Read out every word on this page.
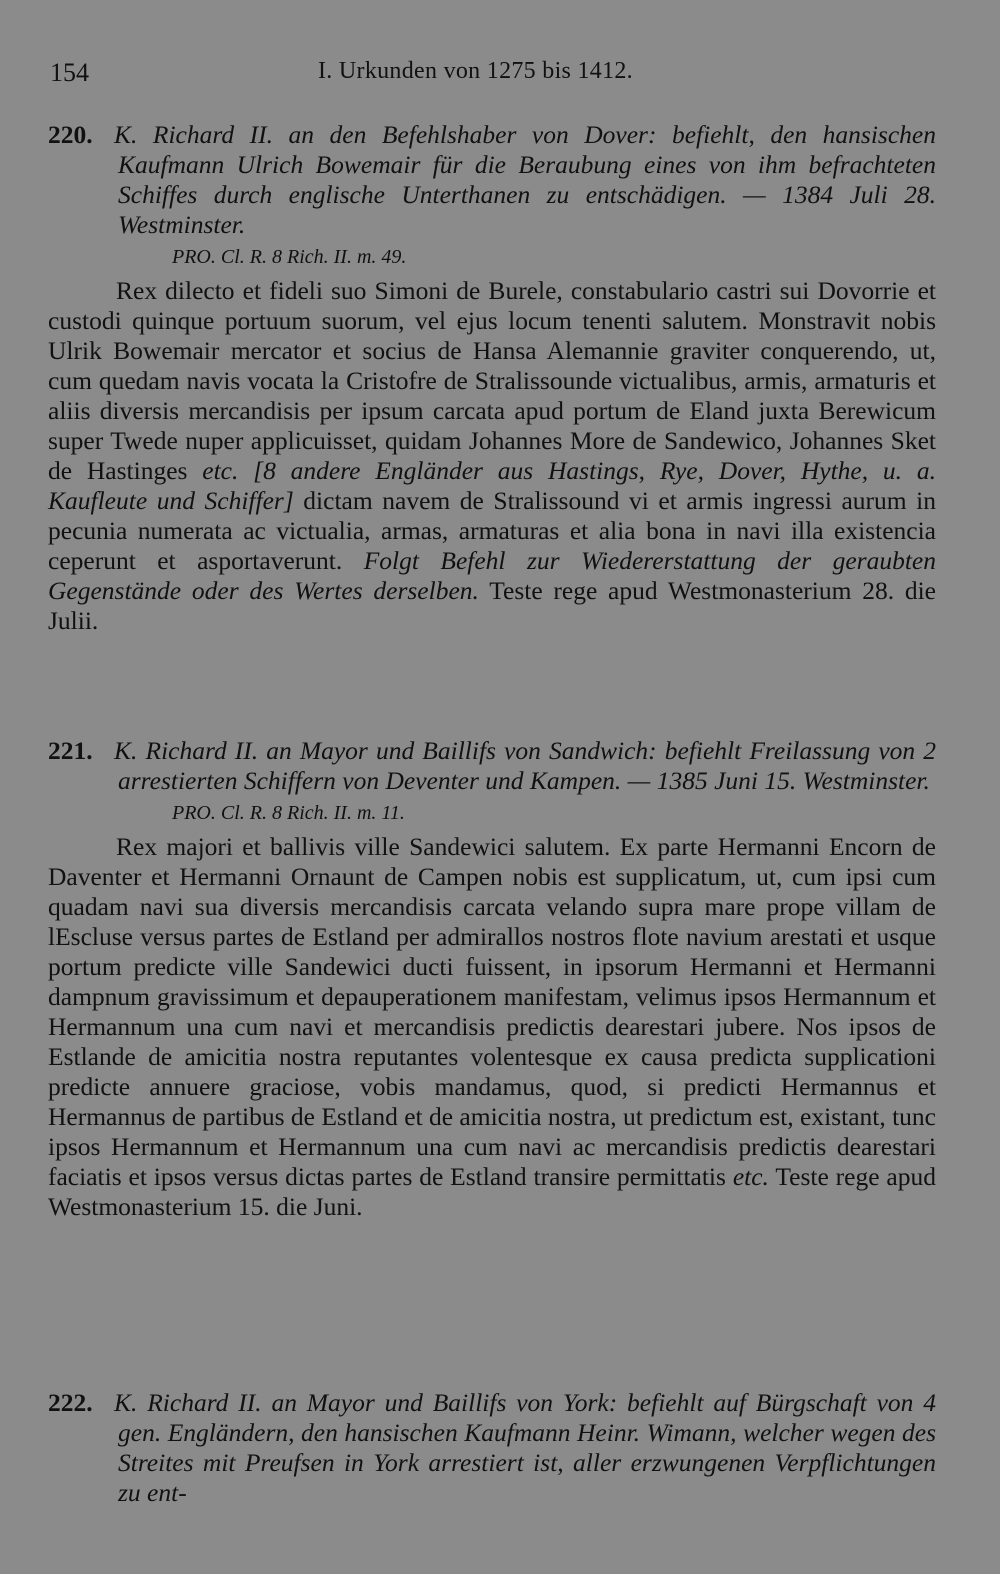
154	I. Urkunden von 1275 bis 1412.
220. K. Richard II. an den Befehlshaber von Dover: befiehlt, den hansischen Kaufmann Ulrich Bowemair für die Beraubung eines von ihm befrachteten Schiffes durch englische Unterthanen zu entschädigen. — 1384 Juli 28. Westminster.
PRO. Cl. R. 8 Rich. II. m. 49.

Rex dilecto et fideli suo Simoni de Burele, constabulario castri sui Dovorrie et custodi quinque portuum suorum, vel ejus locum tenenti salutem. Monstravit nobis Ulrik Bowemair mercator et socius de Hansa Alemannie graviter conquerendo, ut, cum quedam navis vocata la Cristofre de Stralissounde victualibus, armis, armaturis et aliis diversis mercandisis per ipsum carcata apud portum de Eland juxta Berewicum super Twede nuper applicuisset, quidam Johannes More de Sandewico, Johannes Sket de Hastinges etc. [8 andere Engländer aus Hastings, Rye, Dover, Hythe, u. a. Kaufleute und Schiffer] dictam navem de Stralissound vi et armis ingressi aurum in pecunia numerata ac victualia, armas, armaturas et alia bona in navi illa existencia ceperunt et asportaverunt. Folgt Befehl zur Wiedererstattung der geraubten Gegenstände oder des Wertes derselben. Teste rege apud Westmonasterium 28. die Julii.

221. K. Richard II. an Mayor und Baillifs von Sandwich: befiehlt Freilassung von 2 arrestierten Schiffern von Deventer und Kampen. — 1385 Juni 15. Westminster.
PRO. Cl. R. 8 Rich. II. m. 11.

Rex majori et ballivis ville Sandewici salutem. Ex parte Hermanni Encorn de Daventer et Hermanni Ornaunt de Campen nobis est supplicatum, ut, cum ipsi cum quadam navi sua diversis mercandisis carcata velando supra mare prope villam de lEscluse versus partes de Estland per admirallos nostros flote navium arestati et usque portum predicte ville Sandewici ducti fuissent, in ipsorum Hermanni et Hermanni dampnum gravissimum et depauperationem manifestam, velimus ipsos Hermannum et Hermannum una cum navi et mercandisis predictis dearestari jubere. Nos ipsos de Estlande de amicitia nostra reputantes volentesque ex causa predicta supplicationi predicte annuere graciose, vobis mandamus, quod, si predicti Hermannus et Hermannus de partibus de Estland et de amicitia nostra, ut predictum est, existant, tunc ipsos Hermannum et Hermannum una cum navi ac mercandisis predictis dearestari faciatis et ipsos versus dictas partes de Estland transire permittatis etc. Teste rege apud Westmonasterium 15. die Juni.

222. K. Richard II. an Mayor und Baillifs von York: befiehlt auf Bürgschaft von 4 gen. Engländern, den hansischen Kaufmann Heinr. Wimann, welcher wegen des Streites mit Preufsen in York arrestiert ist, aller erzwungenen Verpflichtungen zu ent-
